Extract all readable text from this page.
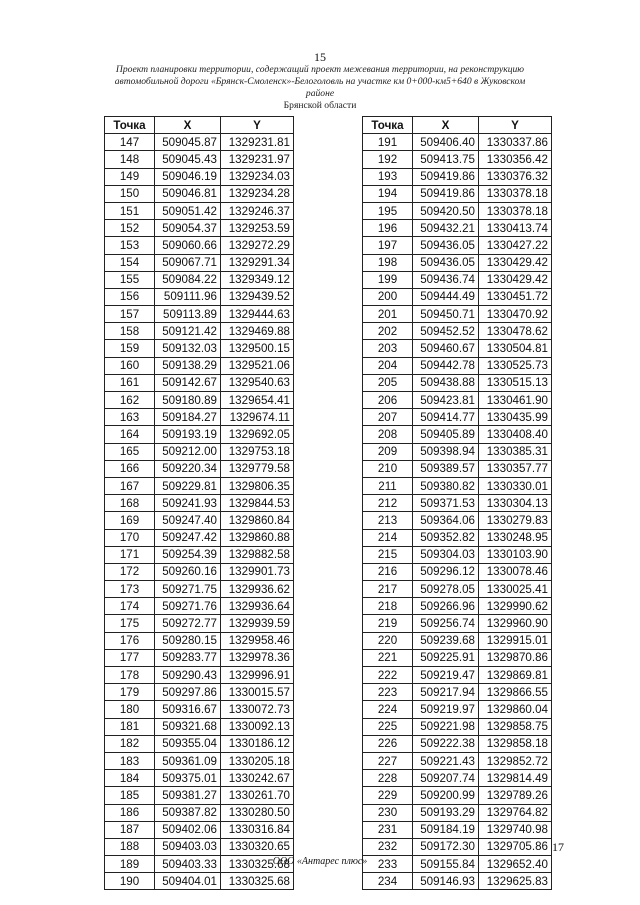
15
Проект планировки территории, содержащий проект межевания территории, на реконструкцию
автомобильной дороги «Брянск-Смоленск»-Белоголовль на участке км 0+000-км5+640 в Жуковском районе
Брянской области
Точка	X	Y
147	509045.87	1329231.81
148	509045.43	1329231.97
149	509046.19	1329234.03
150	509046.81	1329234.28
151	509051.42	1329246.37
152	509054.37	1329253.59
153	509060.66	1329272.29
154	509067.71	1329291.34
155	509084.22	1329349.12
156	509111.96	1329439.52
157	509113.89	1329444.63
158	509121.42	1329469.88
159	509132.03	1329500.15
160	509138.29	1329521.06
161	509142.67	1329540.63
162	509180.89	1329654.41
163	509184.27	1329674.11
164	509193.19	1329692.05
165	509212.00	1329753.18
166	509220.34	1329779.58
167	509229.81	1329806.35
168	509241.93	1329844.53
169	509247.40	1329860.84
170	509247.42	1329860.88
171	509254.39	1329882.58
172	509260.16	1329901.73
173	509271.75	1329936.62
174	509271.76	1329936.64
175	509272.77	1329939.59
176	509280.15	1329958.46
177	509283.77	1329978.36
178	509290.43	1329996.91
179	509297.86	1330015.57
180	509316.67	1330072.73
181	509321.68	1330092.13
182	509355.04	1330186.12
183	509361.09	1330205.18
184	509375.01	1330242.67
185	509381.27	1330261.70
186	509387.82	1330280.50
187	509402.06	1330316.84
188	509403.03	1330320.65
189	509403.33	1330325.68
190	509404.01	1330325.68
Точка	X	Y
191	509406.40	1330337.86
192	509413.75	1330356.42
193	509419.86	1330376.32
194	509419.86	1330378.18
195	509420.50	1330378.18
196	509432.21	1330413.74
197	509436.05	1330427.22
198	509436.05	1330429.42
199	509436.74	1330429.42
200	509444.49	1330451.72
201	509450.71	1330470.92
202	509452.52	1330478.62
203	509460.67	1330504.81
204	509442.78	1330525.73
205	509438.88	1330515.13
206	509423.81	1330461.90
207	509414.77	1330435.99
208	509405.89	1330408.40
209	509398.94	1330385.31
210	509389.57	1330357.77
211	509380.82	1330330.01
212	509371.53	1330304.13
213	509364.06	1330279.83
214	509352.82	1330248.95
215	509304.03	1330103.90
216	509296.12	1330078.46
217	509278.05	1330025.41
218	509266.96	1329990.62
219	509256.74	1329960.90
220	509239.68	1329915.01
221	509225.91	1329870.86
222	509219.47	1329869.81
223	509217.94	1329866.55
224	509219.97	1329860.04
225	509221.98	1329858.75
226	509222.38	1329858.18
227	509221.43	1329852.72
228	509207.74	1329814.49
229	509200.99	1329789.26
230	509193.29	1329764.82
231	509184.19	1329740.98
232	509172.30	1329705.86
233	509155.84	1329652.40
234	509146.93	1329625.83
17
ООО «Антарес плюс»
